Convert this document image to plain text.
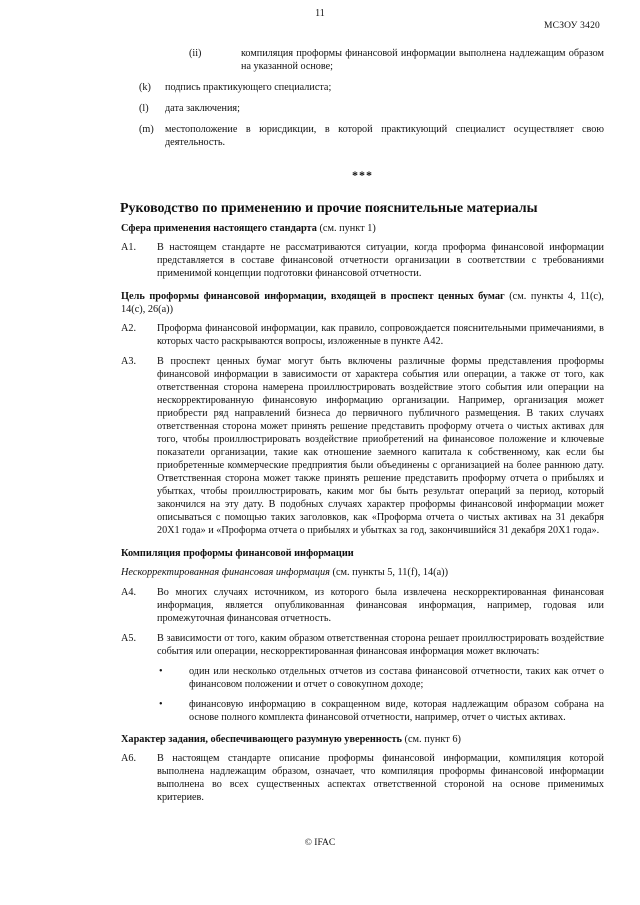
11
МСЗОУ 3420
(ii)	компиляция проформы финансовой информации выполнена надлежащим образом на указанной основе;
(k)	подпись практикующего специалиста;
(l)	дата заключения;
(m)	местоположение в юрисдикции, в которой практикующий специалист осуществляет свою деятельность.
***
Руководство по применению и прочие пояснительные материалы
Сфера применения настоящего стандарта (см. пункт 1)
A1.	В настоящем стандарте не рассматриваются ситуации, когда проформа финансовой информации представляется в составе финансовой отчетности организации в соответствии с требованиями применимой концепции подготовки финансовой отчетности.
Цель проформы финансовой информации, входящей в проспект ценных бумаг (см. пункты 4, 11(c), 14(c), 26(a))
A2.	Проформа финансовой информации, как правило, сопровождается пояснительными примечаниями, в которых часто раскрываются вопросы, изложенные в пункте A42.
A3.	В проспект ценных бумаг могут быть включены различные формы представления проформы финансовой информации в зависимости от характера события или операции, а также от того, как ответственная сторона намерена проиллюстрировать воздействие этого события или операции на нескорректированную финансовую информацию организации. Например, организация может приобрести ряд направлений бизнеса до первичного публичного размещения. В таких случаях ответственная сторона может принять решение представить проформу отчета о чистых активах для того, чтобы проиллюстрировать воздействие приобретений на финансовое положение и ключевые показатели организации, такие как отношение заемного капитала к собственному, как если бы приобретенные коммерческие предприятия были объединены с организацией на более раннюю дату. Ответственная сторона может также принять решение представить проформу отчета о прибылях и убытках, чтобы проиллюстрировать, каким мог бы быть результат операций за период, который закончился на эту дату. В подобных случаях характер проформы финансовой информации может описываться с помощью таких заголовков, как «Проформа отчета о чистых активах на 31 декабря 20X1 года» и «Проформа отчета о прибылях и убытках за год, закончившийся 31 декабря 20X1 года».
Компиляция проформы финансовой информации
Нескорректированная финансовая информация (см. пункты 5, 11(f), 14(a))
A4.	Во многих случаях источником, из которого была извлечена нескорректированная финансовая информация, является опубликованная финансовая информация, например, годовая или промежуточная финансовая отчетность.
A5.	В зависимости от того, каким образом ответственная сторона решает проиллюстрировать воздействие события или операции, нескорректированная финансовая информация может включать:
•	один или несколько отдельных отчетов из состава финансовой отчетности, таких как отчет о финансовом положении и отчет о совокупном доходе;
•	финансовую информацию в сокращенном виде, которая надлежащим образом собрана на основе полного комплекта финансовой отчетности, например, отчет о чистых активах.
Характер задания, обеспечивающего разумную уверенность (см. пункт 6)
A6.	В настоящем стандарте описание проформы финансовой информации, компиляция которой выполнена надлежащим образом, означает, что компиляция проформы финансовой информации выполнена во всех существенных аспектах ответственной стороной на основе применимых критериев.
© IFAC
